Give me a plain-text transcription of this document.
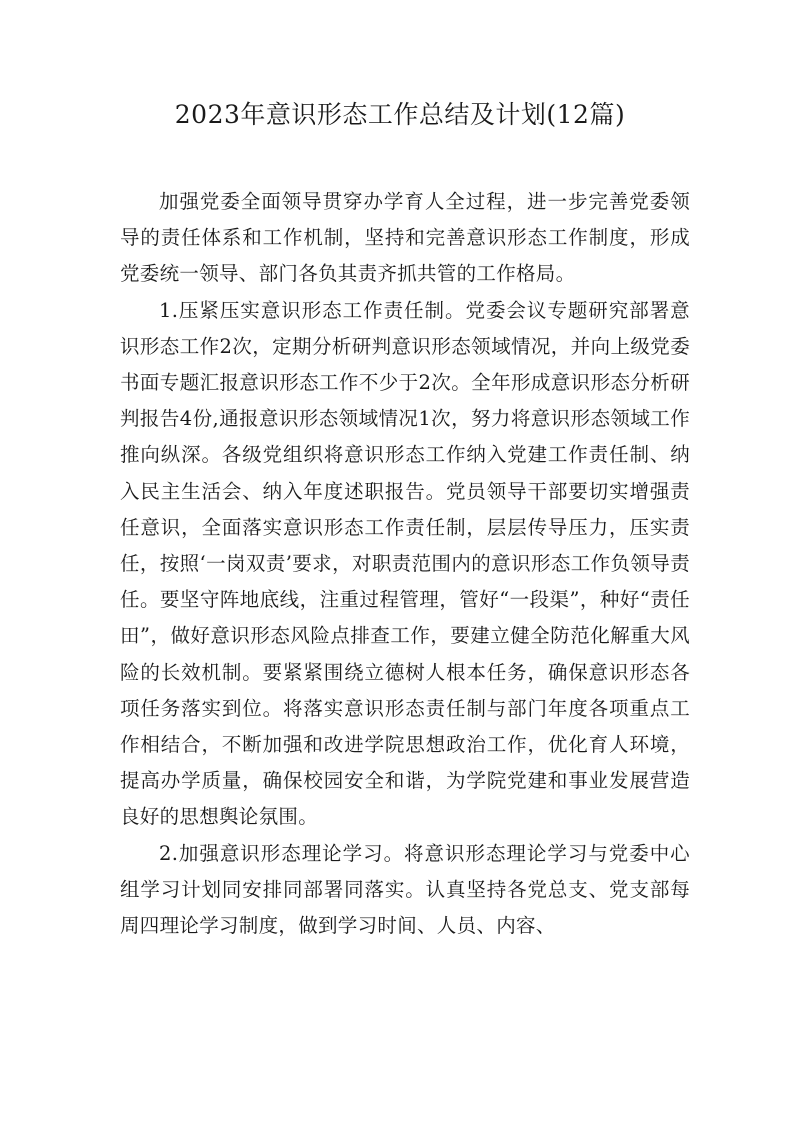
2023年意识形态工作总结及计划(12篇)

加强党委全面领导贯穿办学育人全过程，进一步完善党委领导的责任体系和工作机制，坚持和完善意识形态工作制度，形成党委统一领导、部门各负其责齐抓共管的工作格局。

1.压紧压实意识形态工作责任制。党委会议专题研究部署意识形态工作2次，定期分析研判意识形态领域情况，并向上级党委书面专题汇报意识形态工作不少于2次。全年形成意识形态分析研判报告4份,通报意识形态领域情况1次，努力将意识形态领域工作推向纵深。各级党组织将意识形态工作纳入党建工作责任制、纳入民主生活会、纳入年度述职报告。党员领导干部要切实增强责任意识，全面落实意识形态工作责任制，层层传导压力，压实责任，按照‘一岗双责’要求，对职责范围内的意识形态工作负领导责任。要坚守阵地底线，注重过程管理，管好“一段渠”，种好“责任田”，做好意识形态风险点排查工作，要建立健全防范化解重大风险的长效机制。要紧紧围绕立德树人根本任务，确保意识形态各项任务落实到位。将落实意识形态责任制与部门年度各项重点工作相结合，不断加强和改进学院思想政治工作，优化育人环境，提高办学质量，确保校园安全和谐，为学院党建和事业发展营造良好的思想舆论氛围。

2.加强意识形态理论学习。将意识形态理论学习与党委中心组学习计划同安排同部署同落实。认真坚持各党总支、党支部每周四理论学习制度，做到学习时间、人员、内容、
